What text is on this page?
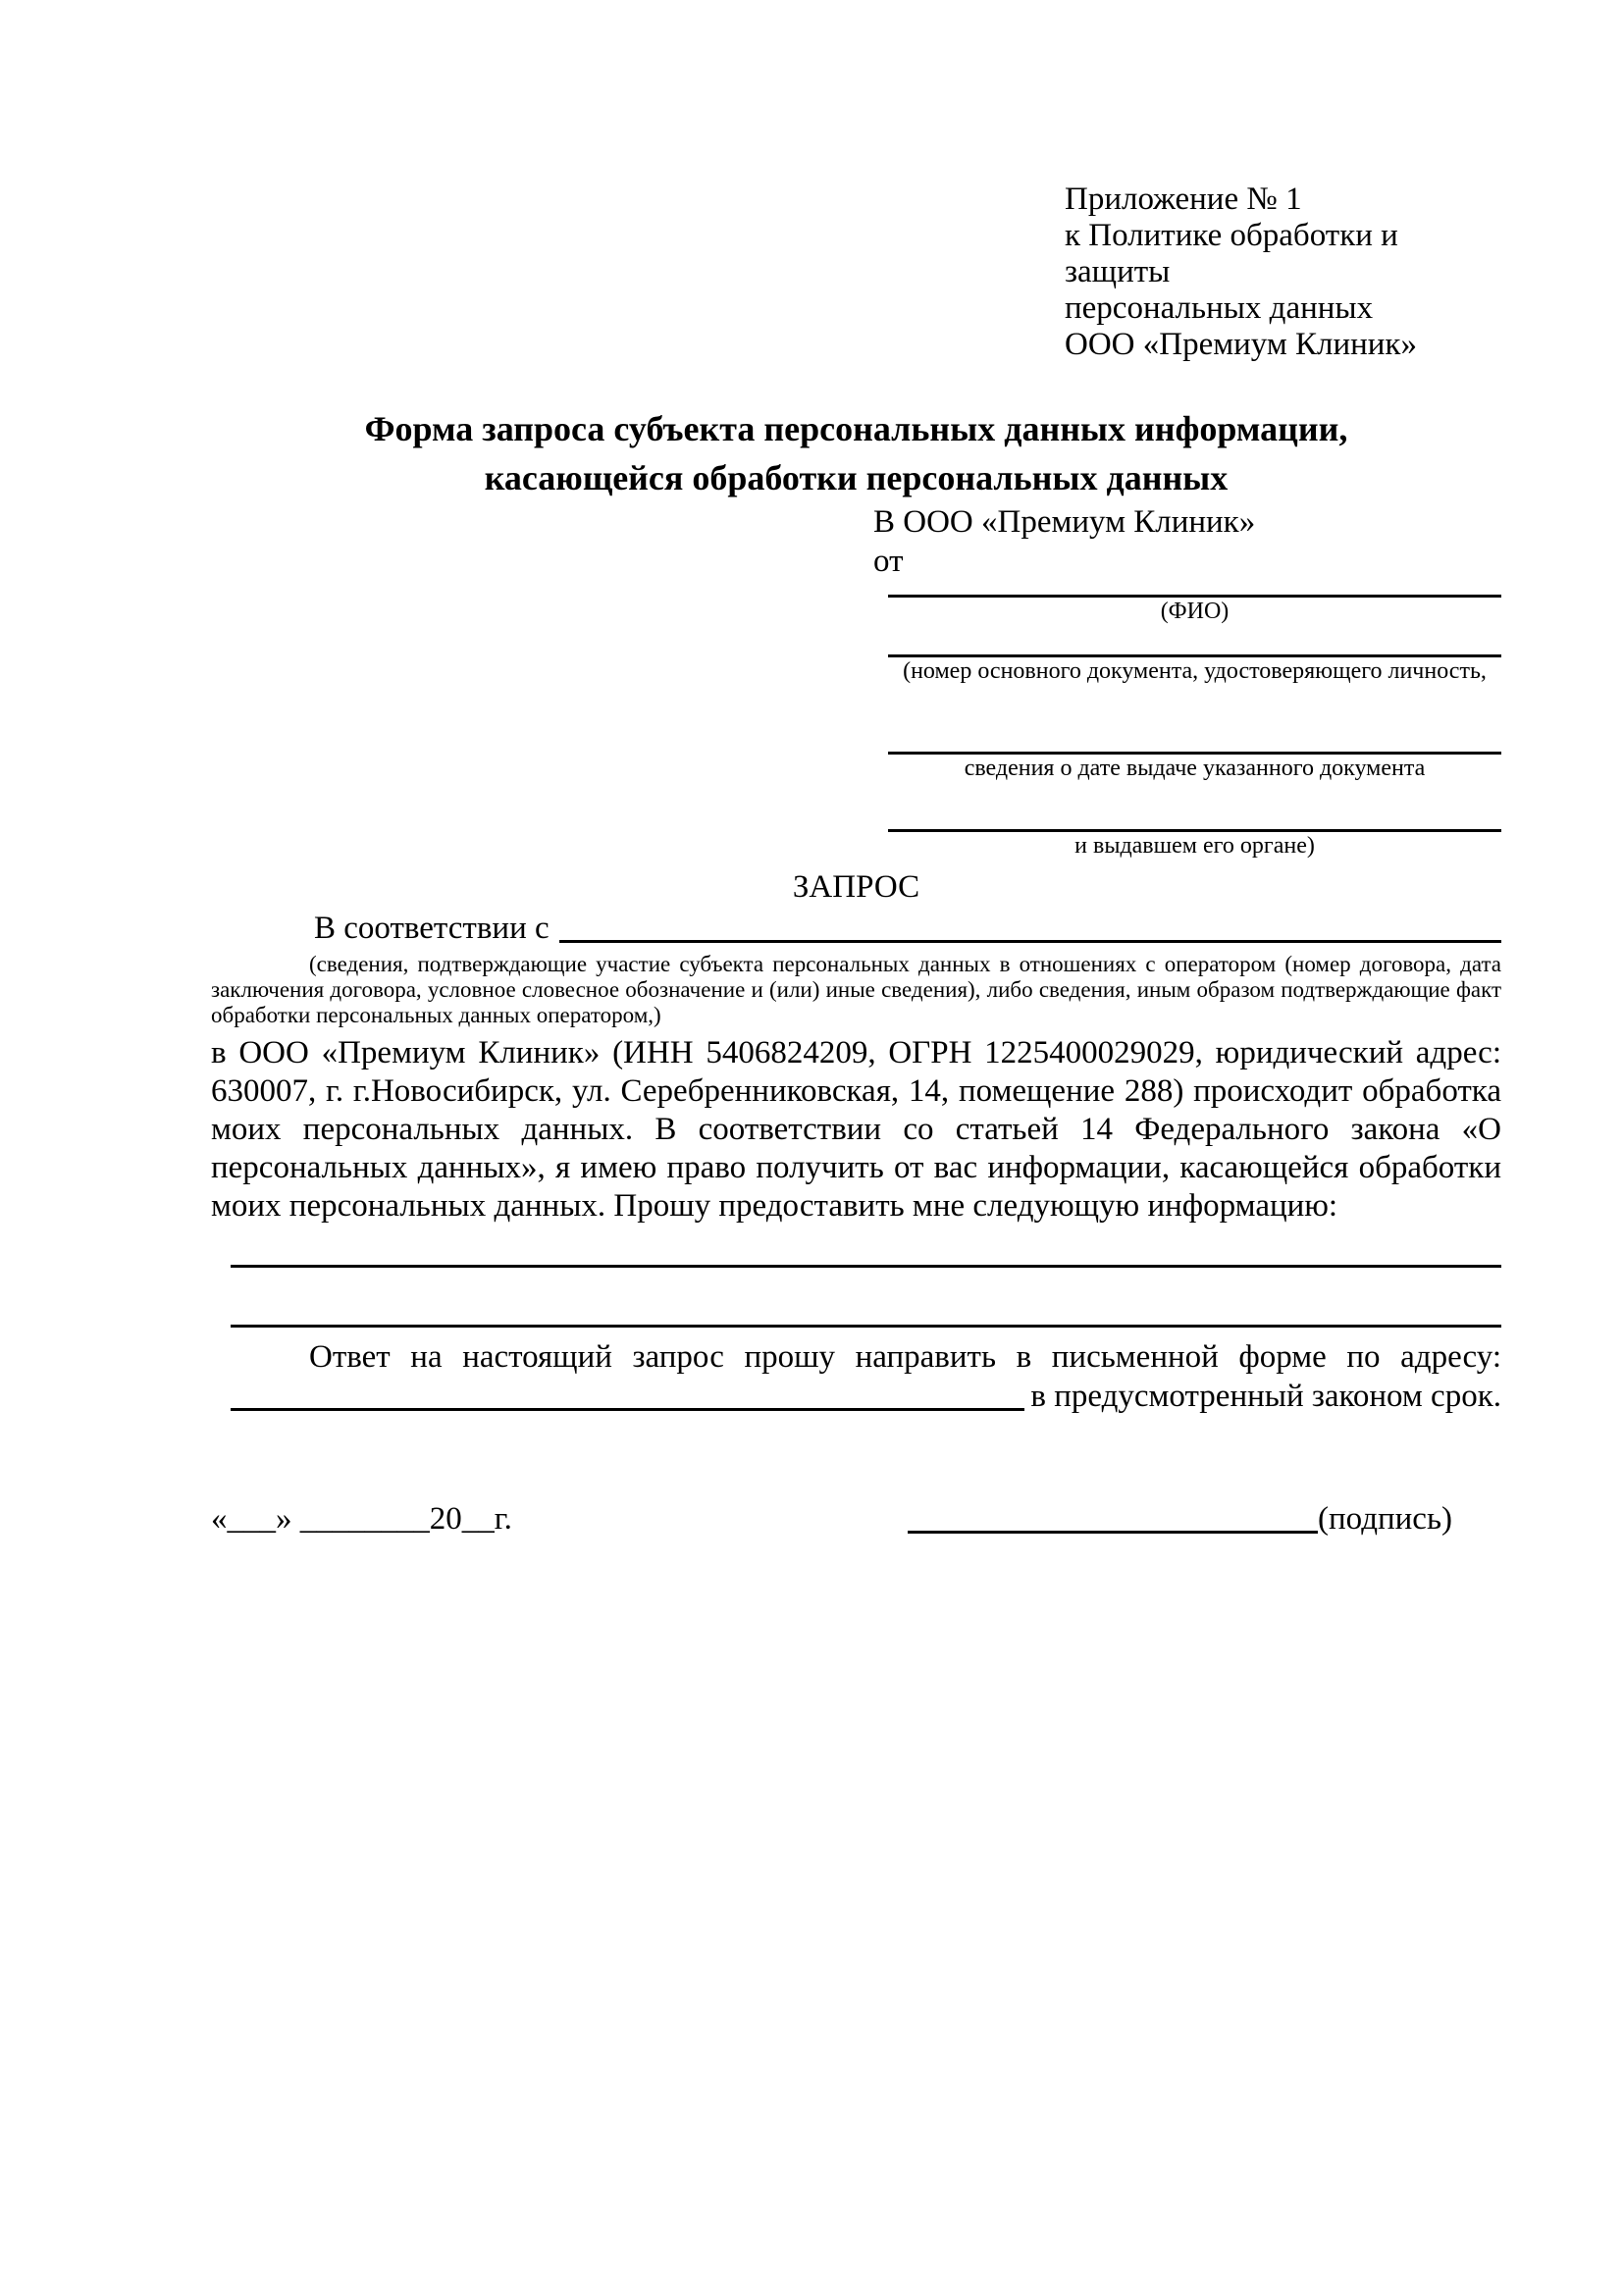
Приложение № 1
к Политике обработки и защиты
персональных данных
ООО «Премиум Клиник»
Форма запроса субъекта персональных данных информации,
касающейся обработки персональных данных
В ООО «Премиум Клиник»
от
(ФИО)
(номер основного документа, удостоверяющего личность,
сведения о дате выдаче указанного документа
и выдавшем его органе)
ЗАПРОС
В соответствии с
(сведения, подтверждающие участие субъекта персональных данных в отношениях с оператором (номер договора, дата заключения договора, условное словесное обозначение и (или) иные сведения), либо сведения, иным образом подтверждающие факт обработки персональных данных оператором,)
в ООО «Премиум Клиник» (ИНН 5406824209, ОГРН 1225400029029, юридический адрес: 630007, г. г.Новосибирск, ул. Серебренниковская, 14, помещение 288) происходит обработка моих персональных данных. В соответствии со статьей 14 Федерального закона «О персональных данных», я имею право получить от вас информации, касающейся обработки моих персональных данных. Прошу предоставить мне следующую информацию:
Ответ на настоящий запрос прошу направить в письменной форме по адресу:
в предусмотренный законом срок.
«___» ________20__г.	(подпись)
